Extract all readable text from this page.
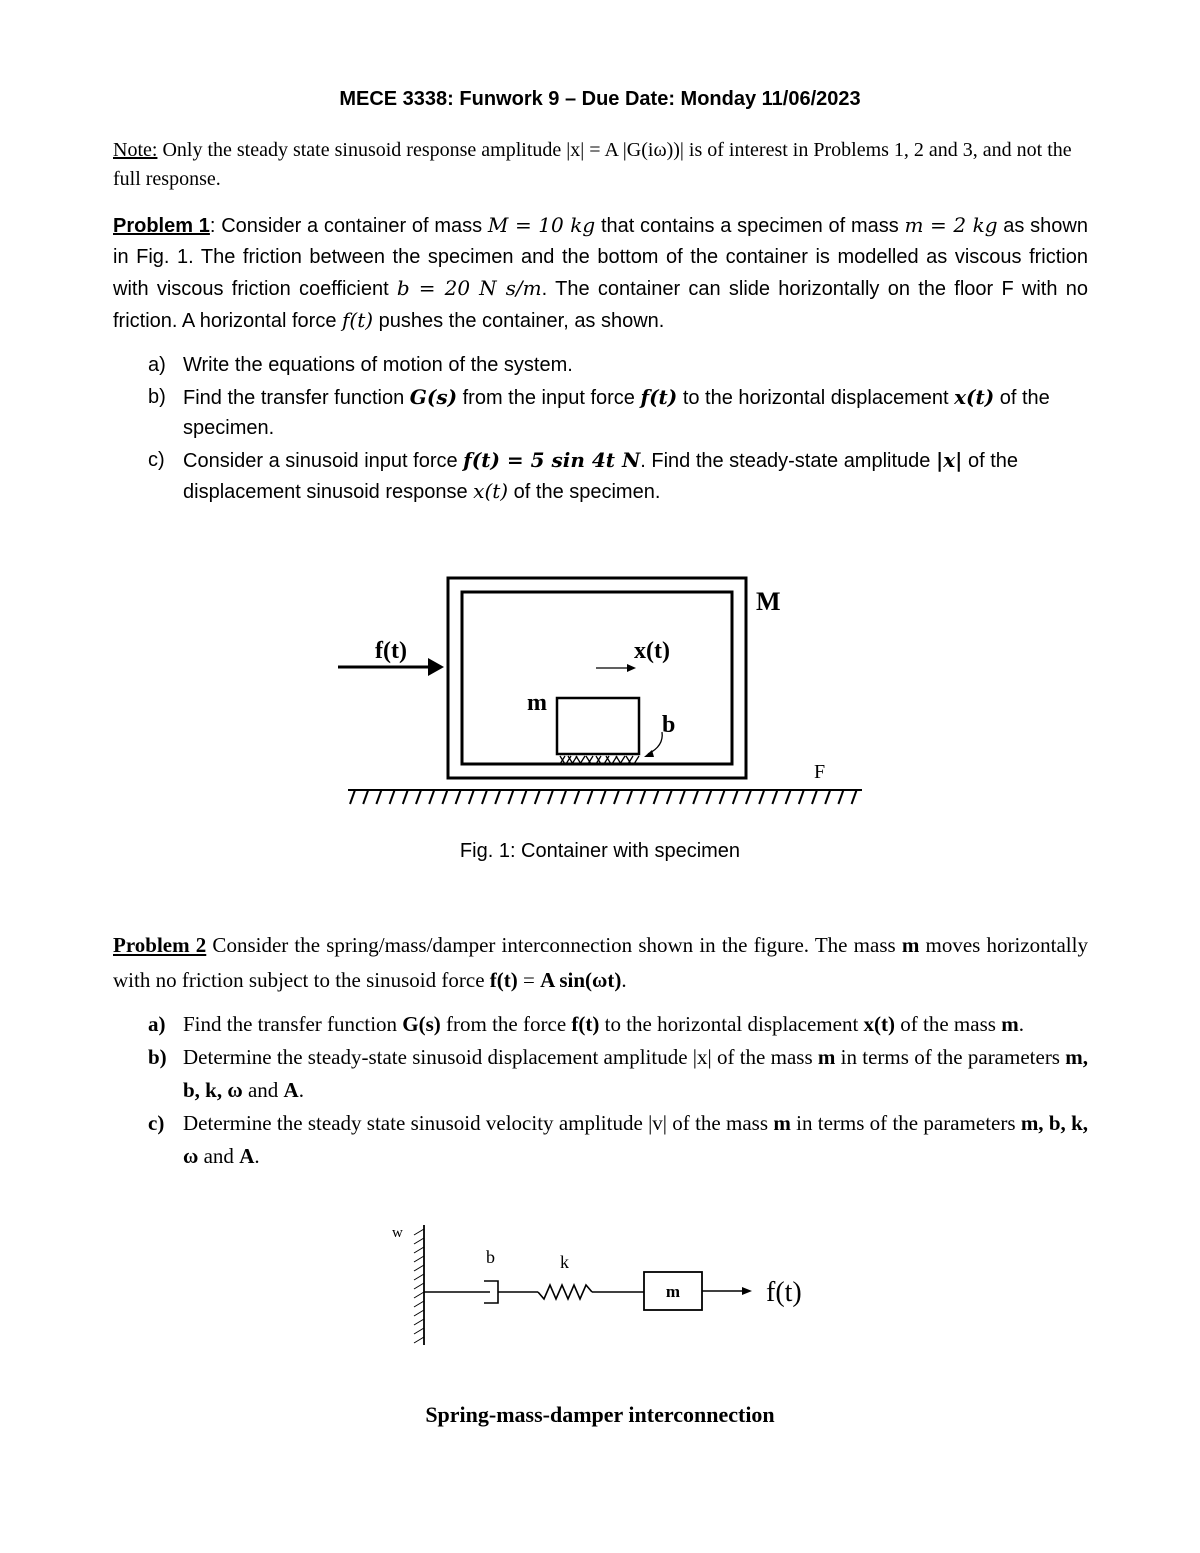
MECE 3338: Funwork 9 – Due Date: Monday 11/06/2023
Note: Only the steady state sinusoid response amplitude |x| = A |G(iω))| is of interest in Problems 1, 2 and 3, and not the full response.
Problem 1: Consider a container of mass M = 10 kg that contains a specimen of mass m = 2 kg as shown in Fig. 1. The friction between the specimen and the bottom of the container is modelled as viscous friction with viscous friction coefficient b = 20 N s/m. The container can slide horizontally on the floor F with no friction. A horizontal force f(t) pushes the container, as shown.
a) Write the equations of motion of the system.
b) Find the transfer function G(s) from the input force f(t) to the horizontal displacement x(t) of the specimen.
c) Consider a sinusoid input force f(t) = 5 sin 4t N. Find the steady-state amplitude |x| of the displacement sinusoid response x(t) of the specimen.
f(t)	x(t)
M
m
b
F
Fig. 1: Container with specimen
Problem 2 Consider the spring/mass/damper interconnection shown in the figure. The mass m moves horizontally with no friction subject to the sinusoid force f(t) = A sin(ωt).
a) Find the transfer function G(s) from the force f(t) to the horizontal displacement x(t) of the mass m.
b) Determine the steady-state sinusoid displacement amplitude |x| of the mass m in terms of the parameters m, b, k, ω and A.
c) Determine the steady state sinusoid velocity amplitude |v| of the mass m in terms of the parameters m, b, k, ω and A.
w
m	f(t)
b	k
Spring-mass-damper interconnection
